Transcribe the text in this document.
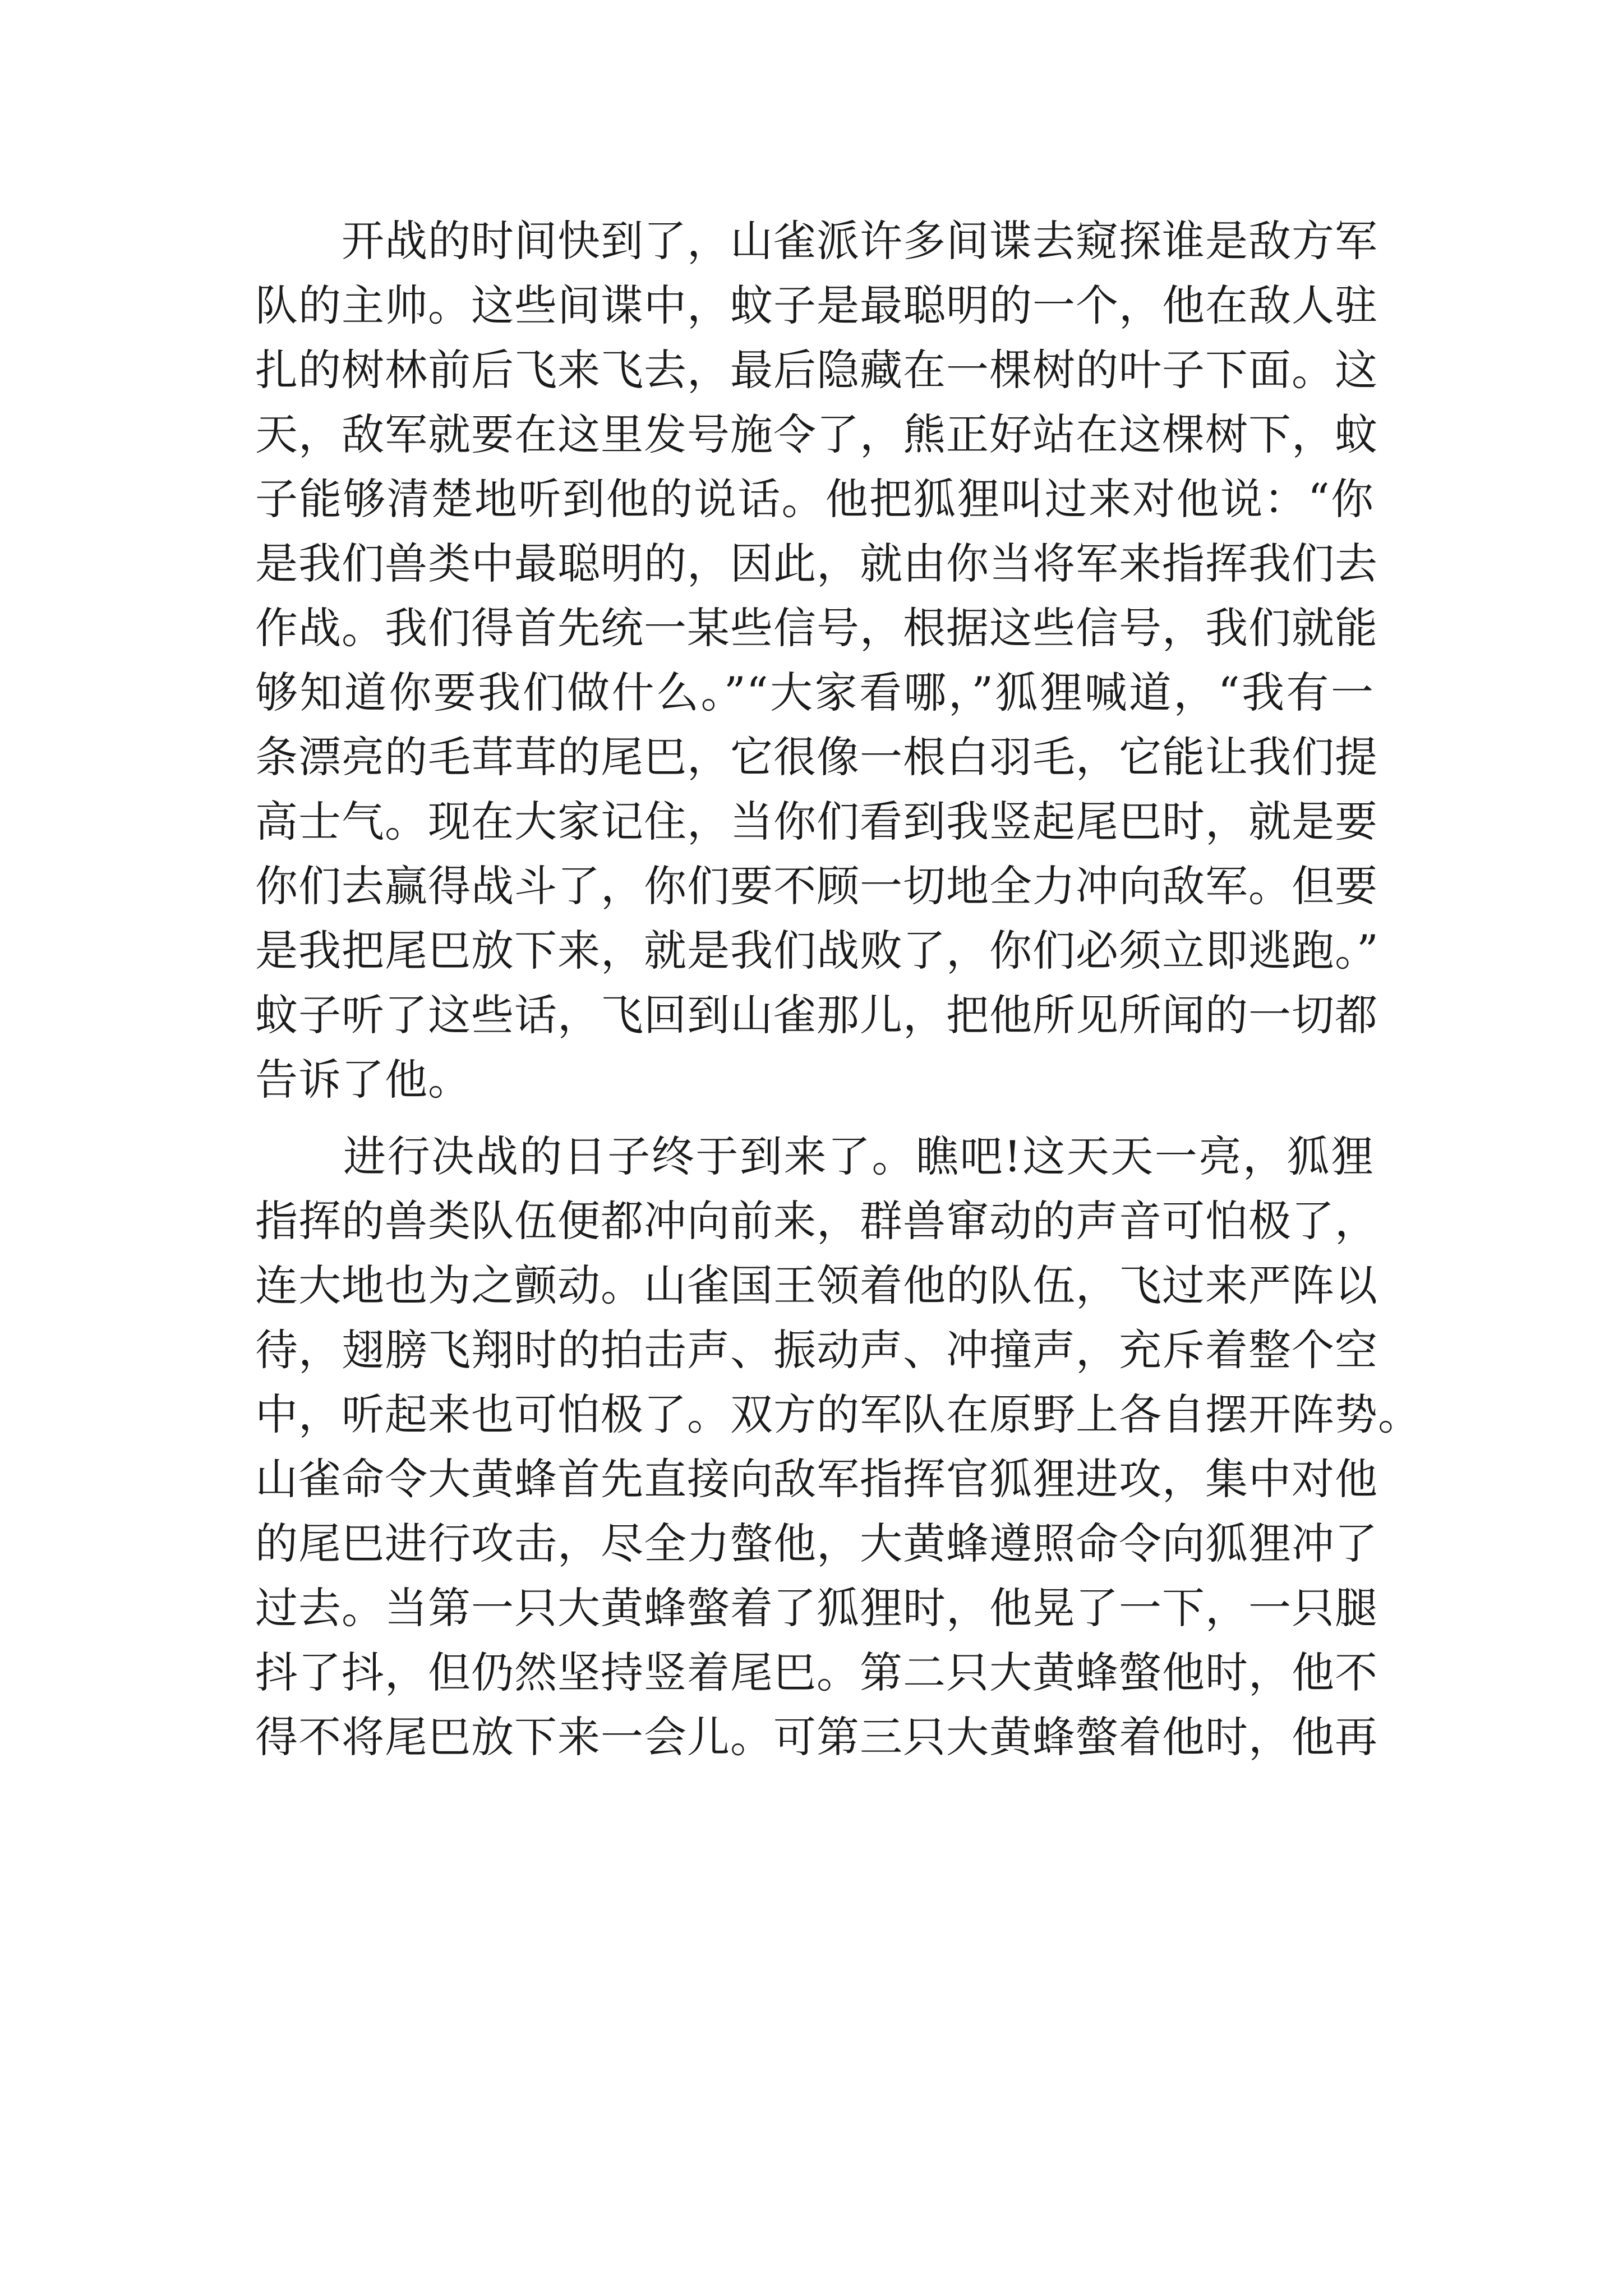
　　开战的时间快到了，山雀派许多间谍去窥探谁是敌方军
队的主帅。这些间谍中，蚊子是最聪明的一个，他在敌人驻
扎的树林前后飞来飞去，最后隐藏在一棵树的叶子下面。这
天，敌军就要在这里发号施令了，熊正好站在这棵树下，蚊
子能够清楚地听到他的说话。他把狐狸叫过来对他说：“你
是我们兽类中最聪明的，因此，就由你当将军来指挥我们去
作战。我们得首先统一某些信号，根据这些信号，我们就能
够知道你要我们做什么。”“大家看哪，”狐狸喊道，“我有一
条漂亮的毛茸茸的尾巴，它很像一根白羽毛，它能让我们提
高士气。现在大家记住，当你们看到我竖起尾巴时，就是要
你们去赢得战斗了，你们要不顾一切地全力冲向敌军。但要
是我把尾巴放下来，就是我们战败了，你们必须立即逃跑。”
蚊子听了这些话，飞回到山雀那儿，把他所见所闻的一切都
告诉了他。
　　进行决战的日子终于到来了。瞧吧!这天天一亮，狐狸
指挥的兽类队伍便都冲向前来，群兽窜动的声音可怕极了，
连大地也为之颤动。山雀国王领着他的队伍，飞过来严阵以
待，翅膀飞翔时的拍击声、振动声、冲撞声，充斥着整个空
中，听起来也可怕极了。双方的军队在原野上各自摆开阵势。
山雀命令大黄蜂首先直接向敌军指挥官狐狸进攻，集中对他
的尾巴进行攻击，尽全力螫他，大黄蜂遵照命令向狐狸冲了
过去。当第一只大黄蜂螫着了狐狸时，他晃了一下，一只腿
抖了抖，但仍然坚持竖着尾巴。第二只大黄蜂螫他时，他不
得不将尾巴放下来一会儿。可第三只大黄蜂螫着他时，他再
